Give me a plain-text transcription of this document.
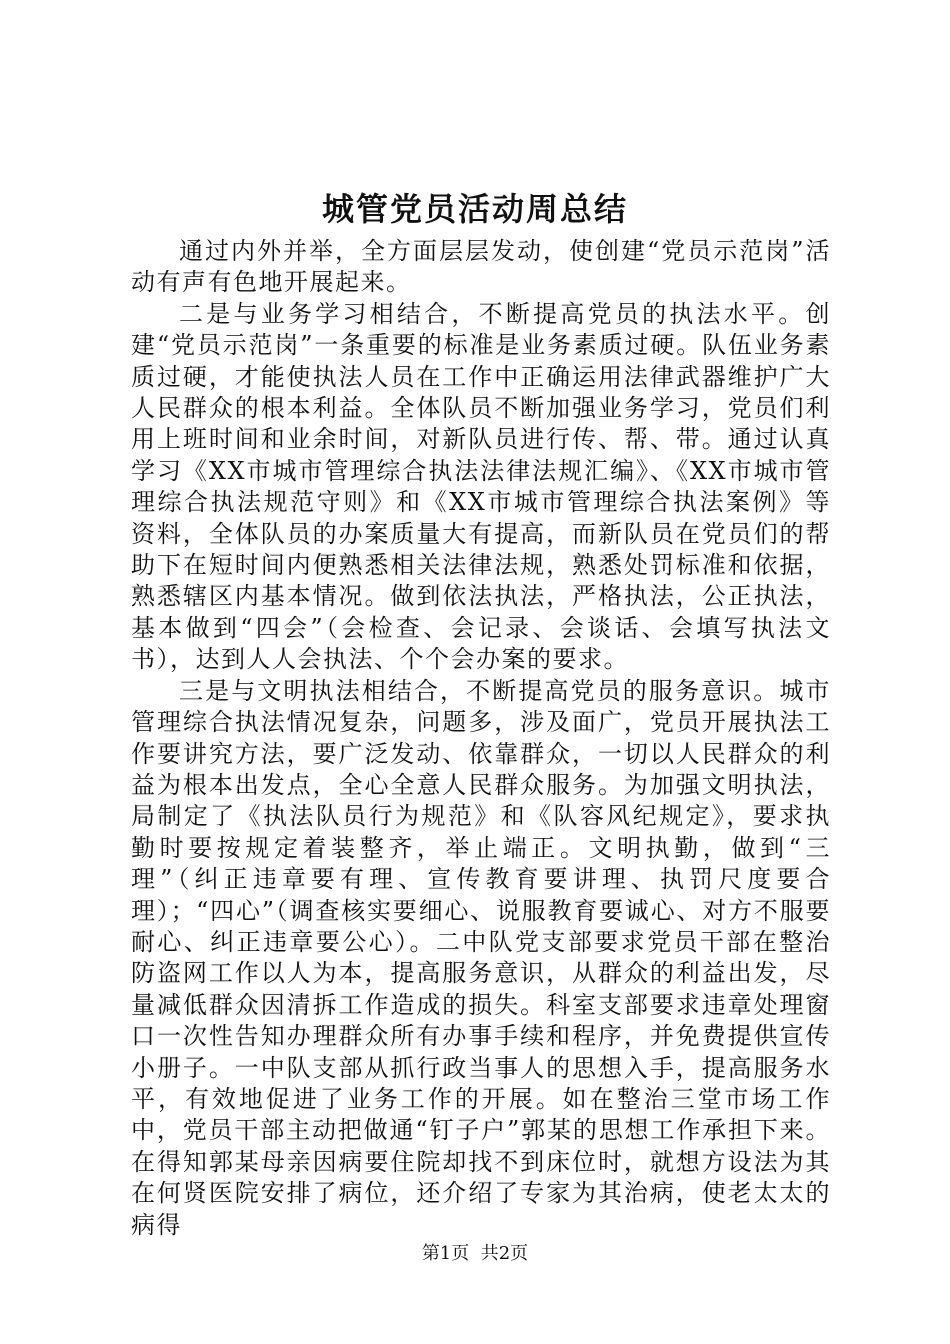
城管党员活动周总结

通过内外并举，全方面层层发动，使创建“党员示范岗”活动有声有色地开展起来。

二是与业务学习相结合，不断提高党员的执法水平。创建“党员示范岗”一条重要的标准是业务素质过硬。队伍业务素质过硬，才能使执法人员在工作中正确运用法律武器维护广大人民群众的根本利益。全体队员不断加强业务学习，党员们利用上班时间和业余时间，对新队员进行传、帮、带。通过认真学习《XX市城市管理综合执法法律法规汇编》、《XX市城市管理综合执法规范守则》和《XX市城市管理综合执法案例》等资料，全体队员的办案质量大有提高，而新队员在党员们的帮助下在短时间内便熟悉相关法律法规，熟悉处罚标准和依据，熟悉辖区内基本情况。做到依法执法，严格执法，公正执法，基本做到“四会”（会检查、会记录、会谈话、会填写执法文书），达到人人会执法、个个会办案的要求。

三是与文明执法相结合，不断提高党员的服务意识。城市管理综合执法情况复杂，问题多，涉及面广，党员开展执法工作要讲究方法，要广泛发动、依靠群众，一切以人民群众的利益为根本出发点，全心全意人民群众服务。为加强文明执法，局制定了《执法队员行为规范》和《队容风纪规定》，要求执勤时要按规定着装整齐，举止端正。文明执勤，做到“三理”（纠正违章要有理、宣传教育要讲理、执罚尺度要合理）；“四心”（调查核实要细心、说服教育要诚心、对方不服要耐心、纠正违章要公心）。二中队党支部要求党员干部在整治防盗网工作以人为本，提高服务意识，从群众的利益出发，尽量减低群众因清拆工作造成的损失。科室支部要求违章处理窗口一次性告知办理群众所有办事手续和程序，并免费提供宣传小册子。一中队支部从抓行政当事人的思想入手，提高服务水平，有效地促进了业务工作的开展。如在整治三堂市场工作中，党员干部主动把做通“钉子户”郭某的思想工作承担下来。在得知郭某母亲因病要住院却找不到床位时，就想方设法为其在何贤医院安排了病位，还介绍了专家为其治病，使老太太的病得

第1页  共2页
